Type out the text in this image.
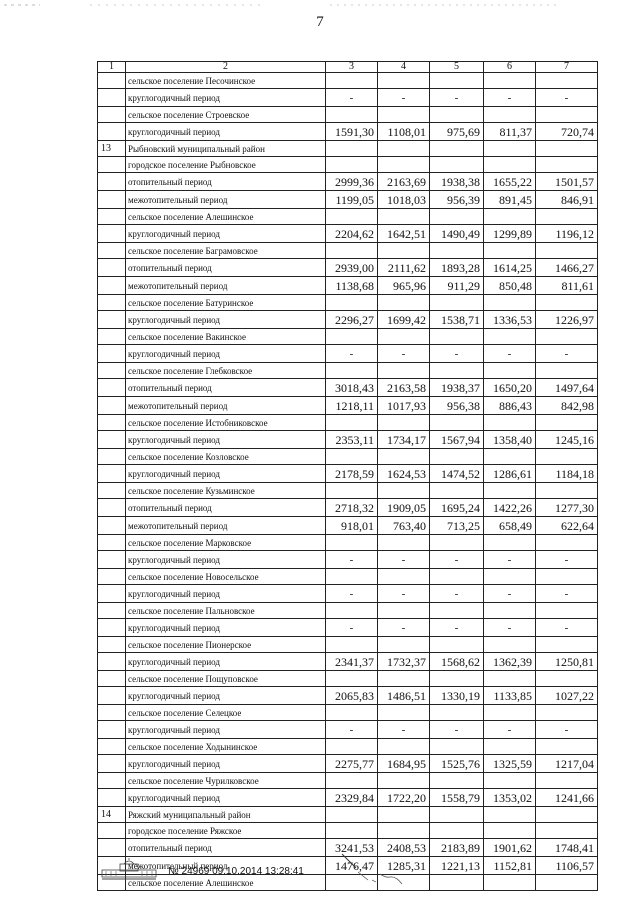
7
1	2	3	4	5	6	7
	сельское поселение Песочинское					
	круглогодичный период	-	-	-	-	-
	сельское поселение Строевское					
	круглогодичный период	1591,30	1108,01	975,69	811,37	720,74
13	Рыбновский муниципальный район					
	городское поселение Рыбновское					
	отопительный период	2999,36	2163,69	1938,38	1655,22	1501,57
	межотопительный период	1199,05	1018,03	956,39	891,45	846,91
	сельское поселение Алешинское					
	круглогодичный период	2204,62	1642,51	1490,49	1299,89	1196,12
	сельское поселение Баграмовское					
	отопительный период	2939,00	2111,62	1893,28	1614,25	1466,27
	межотопительный период	1138,68	965,96	911,29	850,48	811,61
	сельское поселение Батуринское					
	круглогодичный период	2296,27	1699,42	1538,71	1336,53	1226,97
	сельское поселение Вакинское					
	круглогодичный период	-	-	-	-	-
	сельское поселение Глебковское					
	отопительный период	3018,43	2163,58	1938,37	1650,20	1497,64
	межотопительный период	1218,11	1017,93	956,38	886,43	842,98
	сельское поселение Истобниковское					
	круглогодичный период	2353,11	1734,17	1567,94	1358,40	1245,16
	сельское поселение Козловское					
	круглогодичный период	2178,59	1624,53	1474,52	1286,61	1184,18
	сельское поселение Кузьминское					
	отопительный период	2718,32	1909,05	1695,24	1422,26	1277,30
	межотопительный период	918,01	763,40	713,25	658,49	622,64
	сельское поселение Марковское					
	круглогодичный период	-	-	-	-	-
	сельское поселение Новосельское					
	круглогодичный период	-	-	-	-	-
	сельское поселение Пальновское					
	круглогодичный период	-	-	-	-	-
	сельское поселение Пионерское					
	круглогодичный период	2341,37	1732,37	1568,62	1362,39	1250,81
	сельское поселение Пощуповское					
	круглогодичный период	2065,83	1486,51	1330,19	1133,85	1027,22
	сельское поселение Селецкое					
	круглогодичный период	-	-	-	-	-
	сельское поселение Ходынинское					
	круглогодичный период	2275,77	1684,95	1525,76	1325,59	1217,04
	сельское поселение Чурилковское					
	круглогодичный период	2329,84	1722,20	1558,79	1353,02	1241,66
14	Ряжский муниципальный район					
	городское поселение Ряжское					
	отопительный период	3241,53	2408,53	2183,89	1901,62	1748,41
	межотопительный период	1476,47	1285,31	1221,13	1152,81	1106,57
	сельское поселение Алешинское					
№ 24969 09.10.2014 13:28:41
